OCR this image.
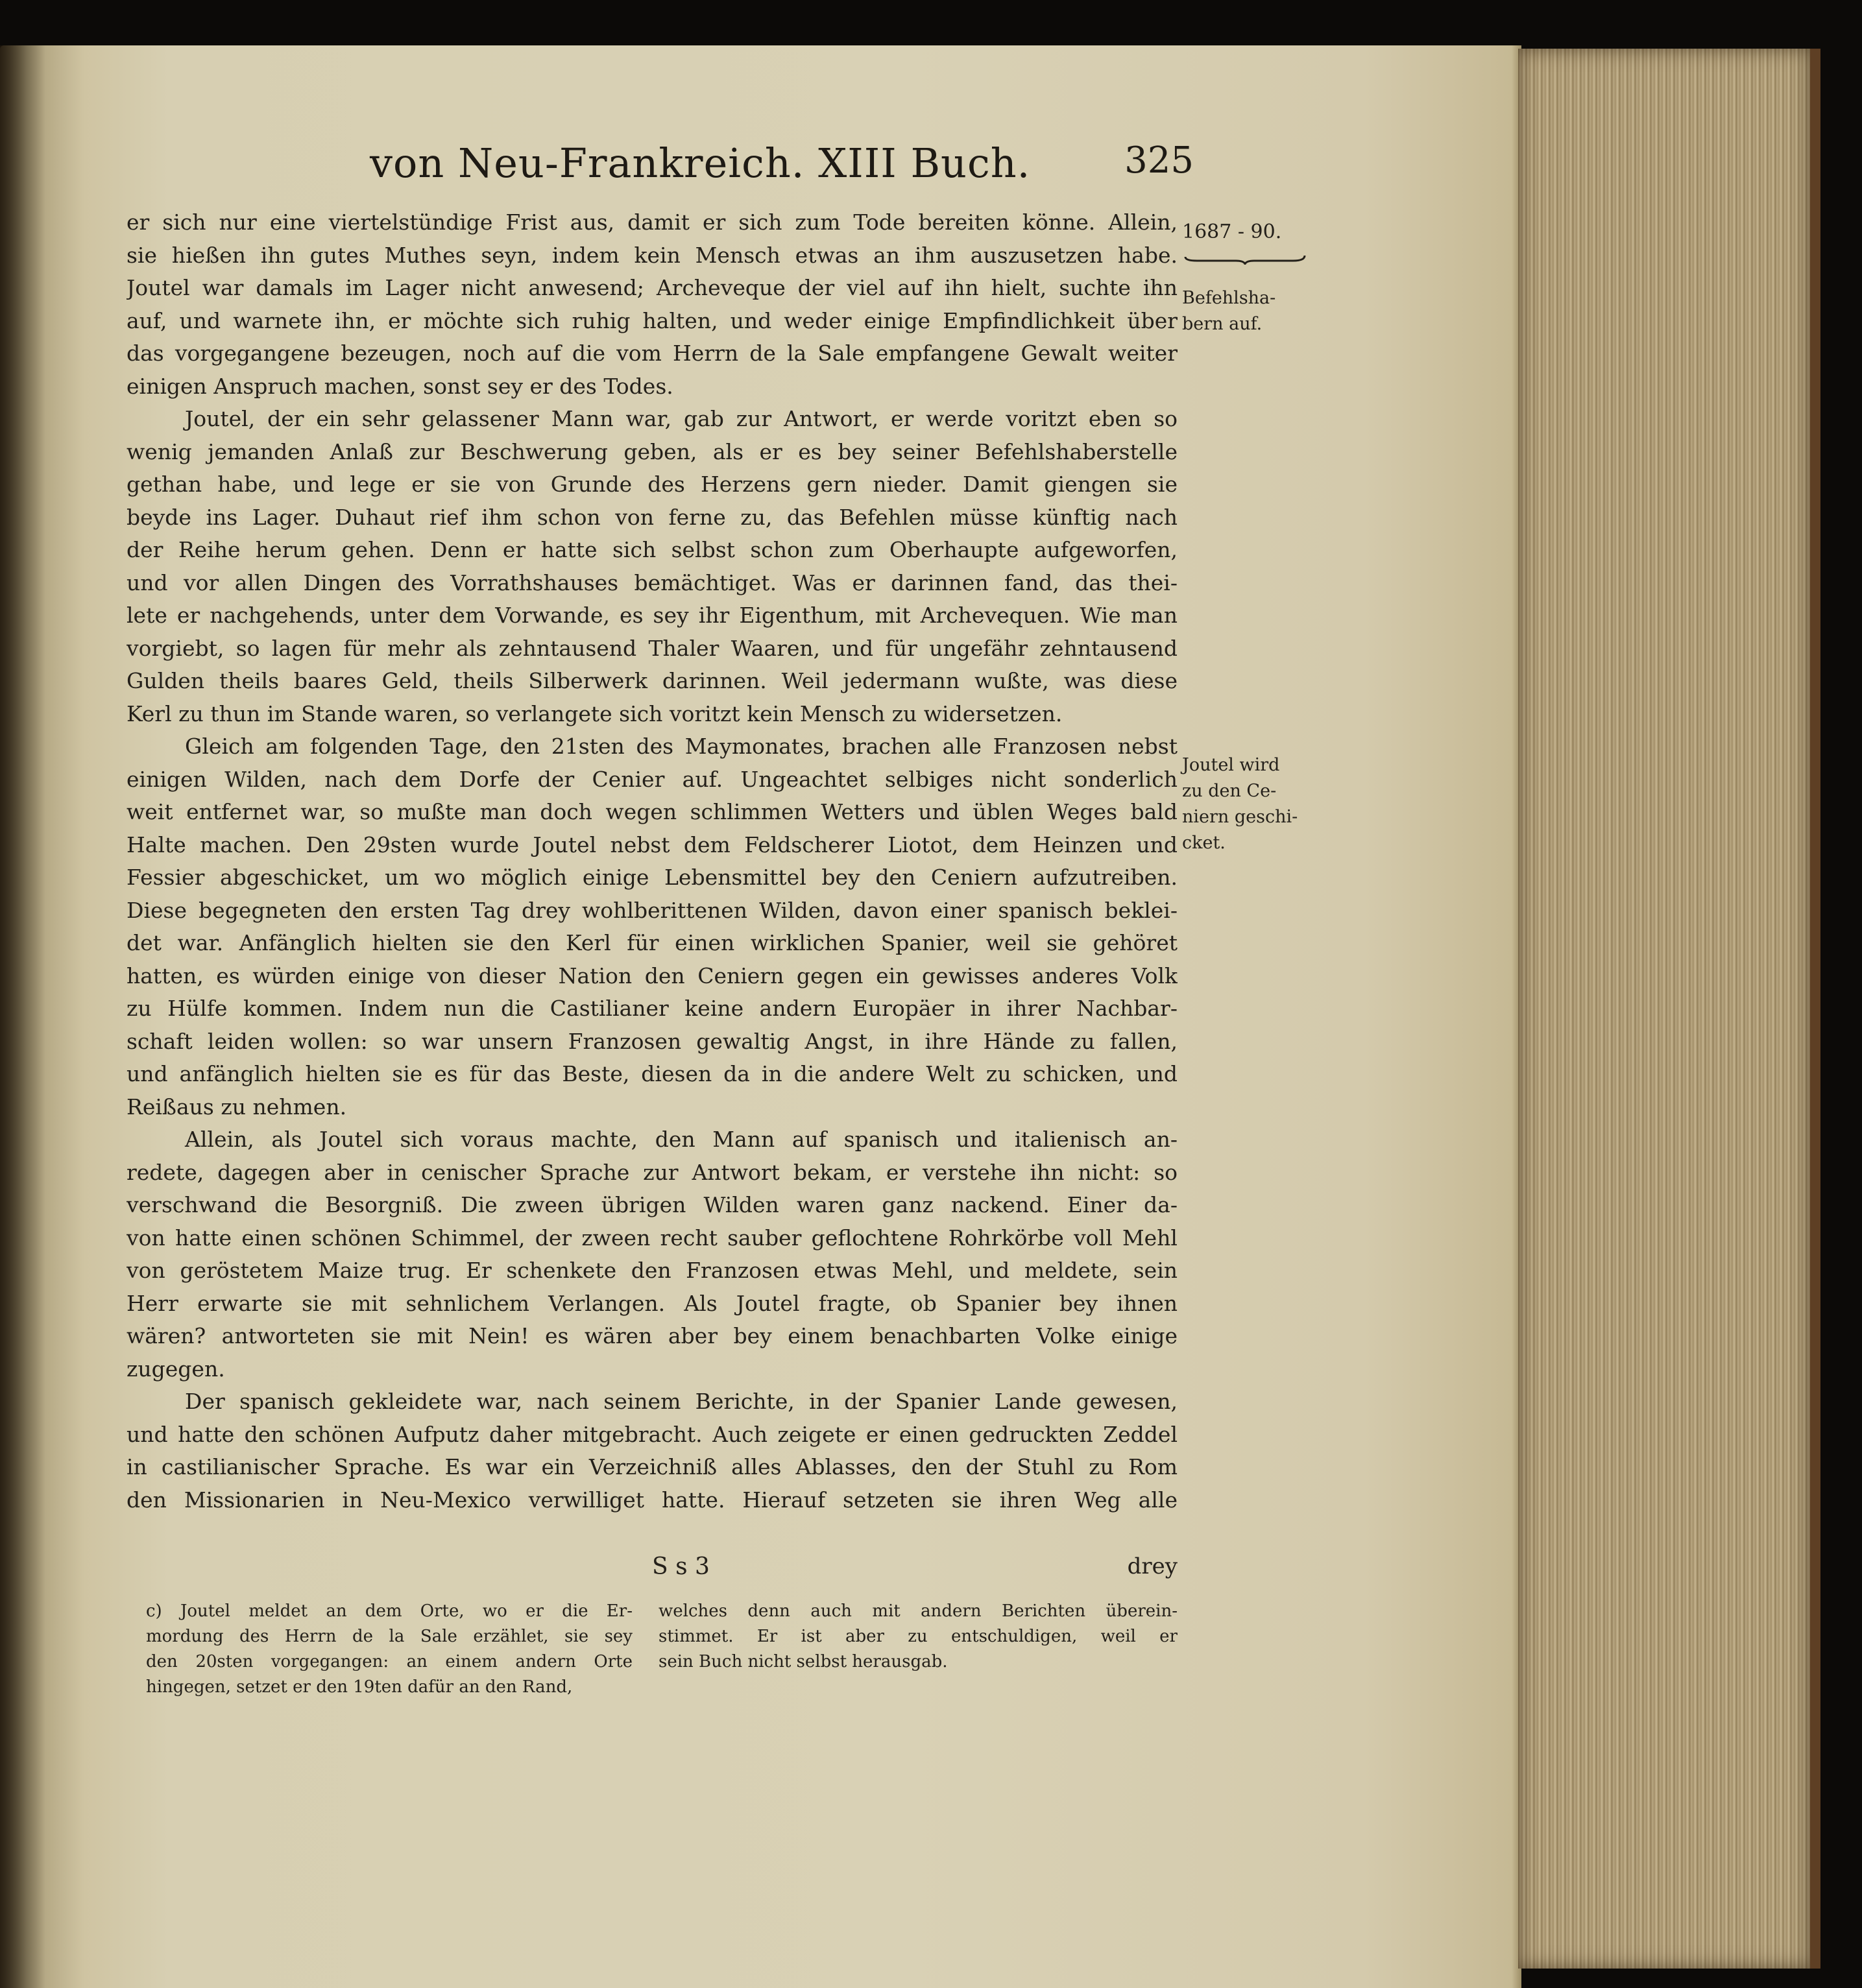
von Neu-Frankreich. XIII Buch.	325
er sich nur eine viertelstündige Frist aus, damit er sich zum Tode bereiten könne. Allein,
sie hießen ihn gutes Muthes seyn, indem kein Mensch etwas an ihm auszusetzen habe.
Joutel war damals im Lager nicht anwesend; Archeveque der viel auf ihn hielt, suchte ihn
auf, und warnete ihn, er möchte sich ruhig halten, und weder einige Empfindlichkeit über
das vorgegangene bezeugen, noch auf die vom Herrn de la Sale empfangene Gewalt weiter
einigen Anspruch machen, sonst sey er des Todes.
Joutel, der ein sehr gelassener Mann war, gab zur Antwort, er werde voritzt eben so
wenig jemanden Anlaß zur Beschwerung geben, als er es bey seiner Befehlshaberstelle
gethan habe, und lege er sie von Grunde des Herzens gern nieder. Damit giengen sie
beyde ins Lager. Duhaut rief ihm schon von ferne zu, das Befehlen müsse künftig nach
der Reihe herum gehen. Denn er hatte sich selbst schon zum Oberhaupte aufgeworfen,
und vor allen Dingen des Vorrathshauses bemächtiget. Was er darinnen fand, das thei-
lete er nachgehends, unter dem Vorwande, es sey ihr Eigenthum, mit Archevequen. Wie man
vorgiebt, so lagen für mehr als zehntausend Thaler Waaren, und für ungefähr zehntausend
Gulden theils baares Geld, theils Silberwerk darinnen. Weil jedermann wußte, was diese
Kerl zu thun im Stande waren, so verlangete sich voritzt kein Mensch zu widersetzen.
Gleich am folgenden Tage, den 21sten des Maymonates, brachen alle Franzosen nebst
einigen Wilden, nach dem Dorfe der Cenier auf. Ungeachtet selbiges nicht sonderlich
weit entfernet war, so mußte man doch wegen schlimmen Wetters und üblen Weges bald
Halte machen. Den 29sten wurde Joutel nebst dem Feldscherer Liotot, dem Heinzen und
Fessier abgeschicket, um wo möglich einige Lebensmittel bey den Ceniern aufzutreiben.
Diese begegneten den ersten Tag drey wohlberittenen Wilden, davon einer spanisch beklei-
det war. Anfänglich hielten sie den Kerl für einen wirklichen Spanier, weil sie gehöret
hatten, es würden einige von dieser Nation den Ceniern gegen ein gewisses anderes Volk
zu Hülfe kommen. Indem nun die Castilianer keine andern Europäer in ihrer Nachbar-
schaft leiden wollen: so war unsern Franzosen gewaltig Angst, in ihre Hände zu fallen,
und anfänglich hielten sie es für das Beste, diesen da in die andere Welt zu schicken, und
Reißaus zu nehmen.
Allein, als Joutel sich voraus machte, den Mann auf spanisch und italienisch an-
redete, dagegen aber in cenischer Sprache zur Antwort bekam, er verstehe ihn nicht: so
verschwand die Besorgniß. Die zween übrigen Wilden waren ganz nackend. Einer da-
von hatte einen schönen Schimmel, der zween recht sauber geflochtene Rohrkörbe voll Mehl
von geröstetem Maize trug. Er schenkete den Franzosen etwas Mehl, und meldete, sein
Herr erwarte sie mit sehnlichem Verlangen. Als Joutel fragte, ob Spanier bey ihnen
wären? antworteten sie mit Nein! es wären aber bey einem benachbarten Volke einige
zugegen.
Der spanisch gekleidete war, nach seinem Berichte, in der Spanier Lande gewesen,
und hatte den schönen Aufputz daher mitgebracht. Auch zeigete er einen gedruckten Zeddel
in castilianischer Sprache. Es war ein Verzeichniß alles Ablasses, den der Stuhl zu Rom
den Missionarien in Neu-Mexico verwilliget hatte. Hierauf setzeten sie ihren Weg alle
1687 - 90.
Befehlsha-
bern auf.
Joutel wird
zu den Ce-
niern geschi-
cket.
S s 3	drey
c) Joutel meldet an dem Orte, wo er die Er-
mordung des Herrn de la Sale erzählet, sie sey
den 20sten vorgegangen: an einem andern Orte
hingegen, setzet er den 19ten dafür an den Rand,
welches denn auch mit andern Berichten überein-
stimmet. Er ist aber zu entschuldigen, weil er
sein Buch nicht selbst herausgab.
